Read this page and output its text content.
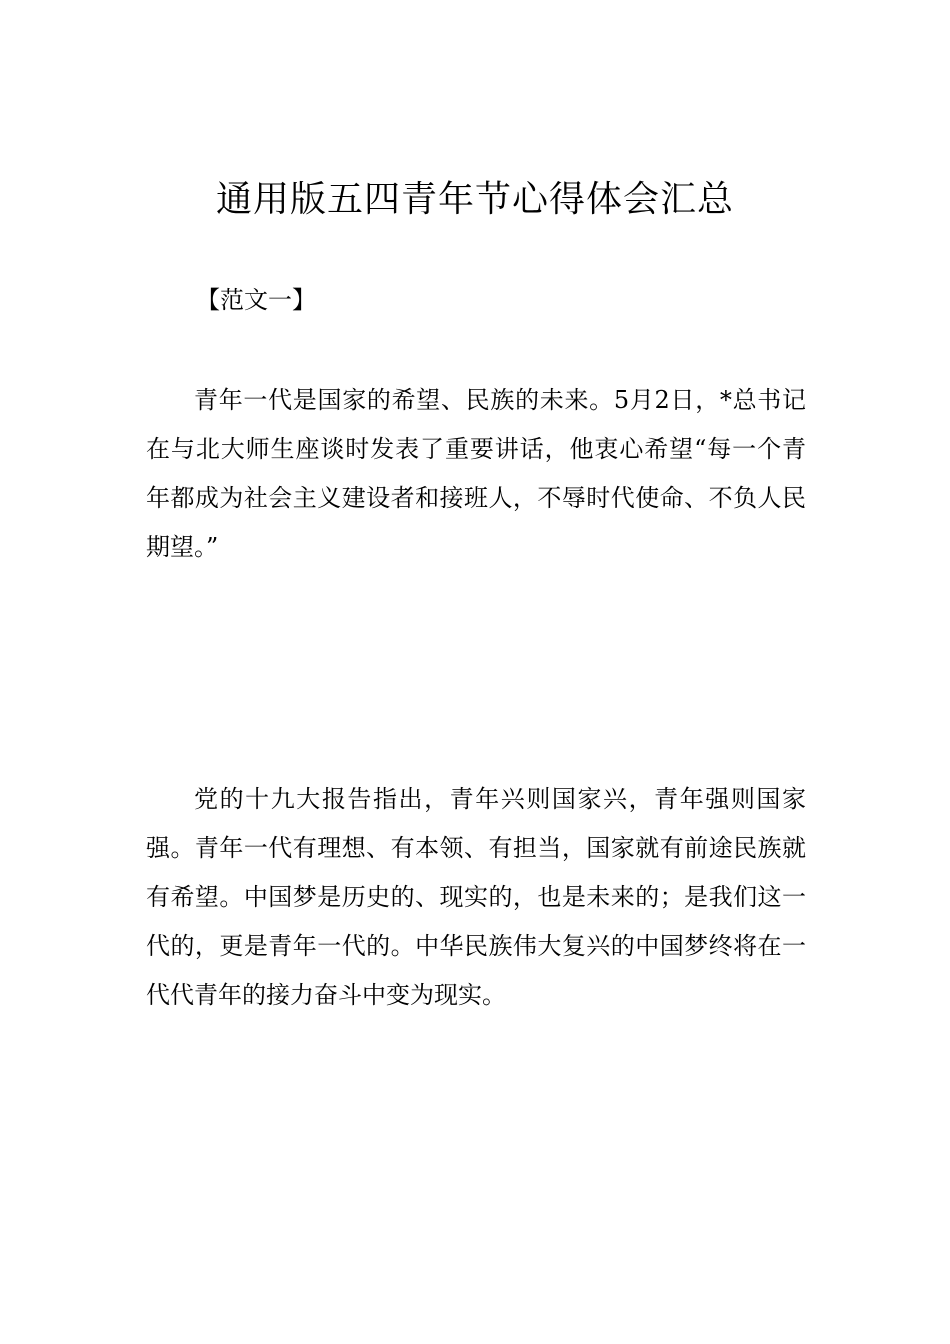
通用版五四青年节心得体会汇总
【范文一】

青年一代是国家的希望、民族的未来。5月2日，*总书记在与北大师生座谈时发表了重要讲话，他衷心希望“每一个青年都成为社会主义建设者和接班人，不辱时代使命、不负人民期望。”

党的十九大报告指出，青年兴则国家兴，青年强则国家强。青年一代有理想、有本领、有担当，国家就有前途民族就有希望。中国梦是历史的、现实的，也是未来的；是我们这一代的，更是青年一代的。中华民族伟大复兴的中国梦终将在一代代青年的接力奋斗中变为现实。
